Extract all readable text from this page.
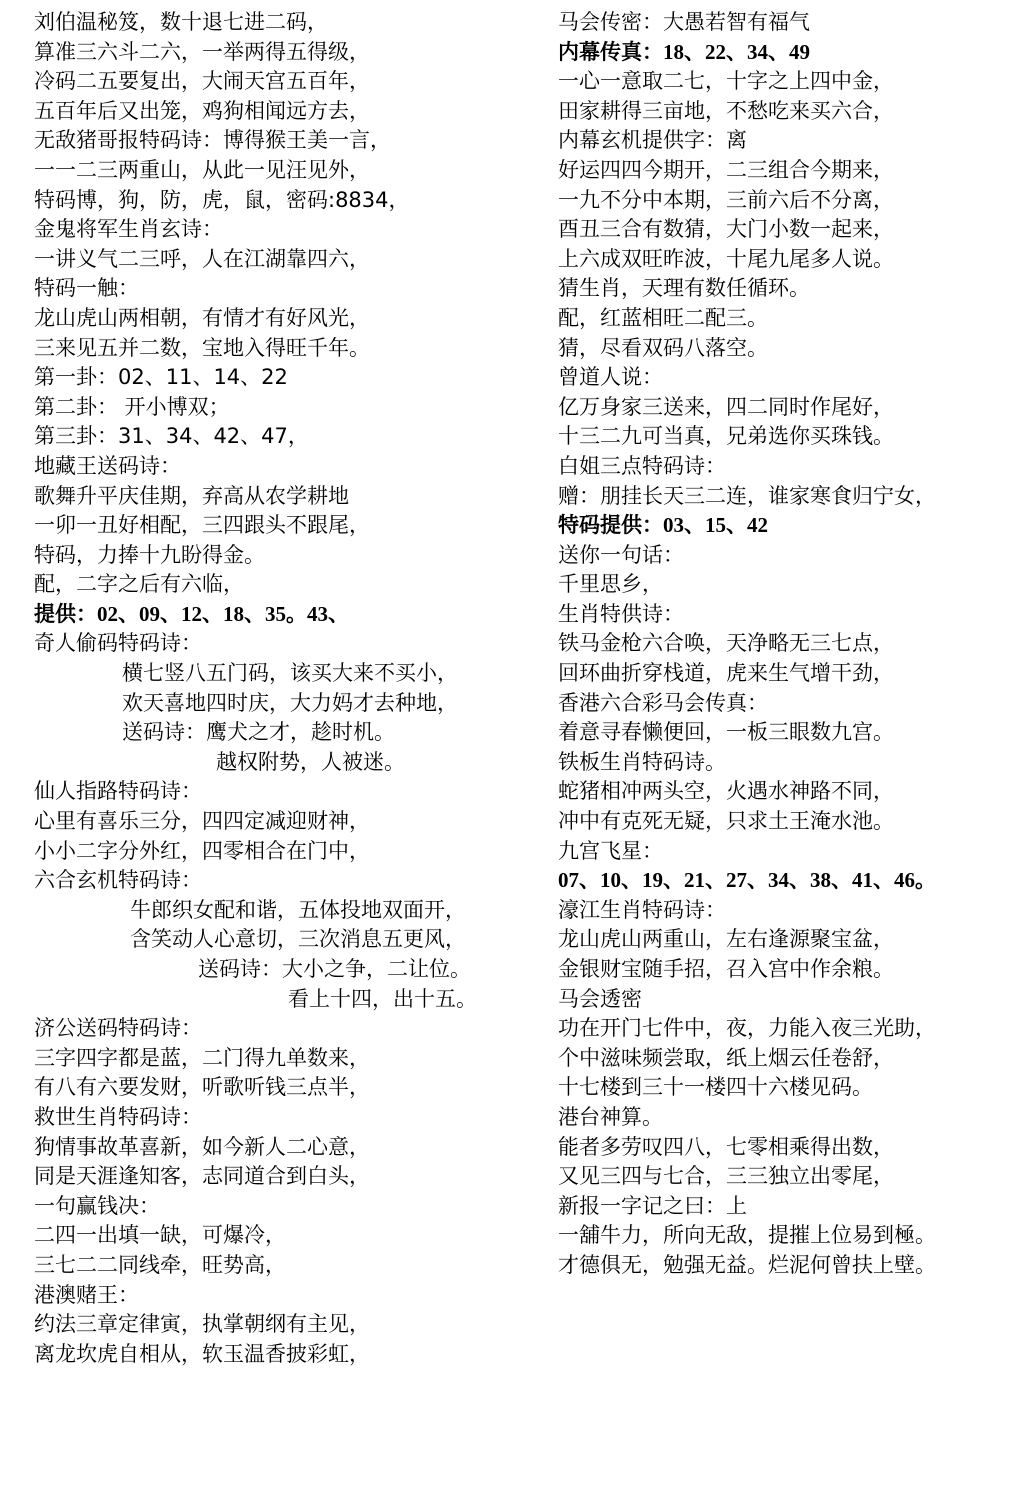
刘伯温秘笈，数十退七进二码，
算准三六斗二六，一举两得五得级，
冷码二五要复出，大闹天宫五百年，
五百年后又出笼，鸡狗相闻远方去，
无敌猪哥报特码诗：博得猴王美一言，
一一二三两重山，从此一见汪见外，
特码博，狗，防，虎，鼠，密码:8834，
金鬼将军生肖玄诗：
一讲义气二三呼，人在江湖靠四六，
特码一触：
龙山虎山两相朝，有情才有好风光，
三来见五并二数，宝地入得旺千年。
第一卦：02、11、14、22
第二卦： 开小博双；
第三卦：31、34、42、47，
地藏王送码诗：
歌舞升平庆佳期，弃高从农学耕地
一卯一丑好相配，三四跟头不跟尾，
特码，力捧十九盼得金。
配，二字之后有六临，
提供：02、09、12、18、35。43、
奇人偷码特码诗：
横七竖八五门码，该买大来不买小，
欢天喜地四时庆，大力妈才去种地，
送码诗：鹰犬之才，趁时机。
越权附势，人被迷。
仙人指路特码诗：
心里有喜乐三分，四四定减迎财神，
小小二字分外红，四零相合在门中，
六合玄机特码诗：
牛郎织女配和谐，五体投地双面开，
含笑动人心意切，三次消息五更风，
送码诗：大小之争，二让位。
看上十四，出十五。
济公送码特码诗：
三字四字都是蓝，二门得九单数来，
有八有六要发财，听歌听钱三点半，
救世生肖特码诗：
狗情事故革喜新，如今新人二心意，
同是天涯逢知客，志同道合到白头，
一句赢钱决：
二四一出填一缺，可爆冷，
三七二二同线牵，旺势高，
港澳赌王：
约法三章定律寅，执掌朝纲有主见，
离龙坎虎自相从，软玉温香披彩虹，
马会传密：大愚若智有福气
内幕传真：18、22、34、49
一心一意取二七，十字之上四中金，
田家耕得三亩地，不愁吃来买六合，
内幕玄机提供字：离
好运四四今期开，二三组合今期来，
一九不分中本期，三前六后不分离，
酉丑三合有数猜，大门小数一起来，
上六成双旺昨波，十尾九尾多人说。
猜生肖，天理有数任循环。
配，红蓝相旺二配三。
猜，尽看双码八落空。
曾道人说：
亿万身家三送来，四二同时作尾好，
十三二九可当真，兄弟选你买珠钱。
白姐三点特码诗：
赠：朋挂长天三二连，谁家寒食归宁女，
特码提供：03、15、42
送你一句话：
千里思乡，
生肖特供诗：
铁马金枪六合唤，天净略无三七点，
回环曲折穿栈道，虎来生气增干劲，
香港六合彩马会传真：
着意寻春懒便回，一板三眼数九宫。
铁板生肖特码诗。
蛇猪相冲两头空，火遇水神路不同，
冲中有克死无疑，只求土王淹水池。
九宫飞星：
07、10、19、21、27、34、38、41、46。
濠江生肖特码诗：
龙山虎山两重山，左右逢源聚宝盆，
金银财宝随手招，召入宫中作余粮。
马会透密
功在开门七件中，夜，力能入夜三光助，
个中滋味频尝取，纸上烟云任卷舒，
十七楼到三十一楼四十六楼见码。
港台神算。
能者多劳叹四八，七零相乘得出数，
又见三四与七合，三三独立出零尾，
新报一字记之曰：上
一舖牛力，所向无敌，提摧上位易到極。
才德俱无，勉强无益。烂泥何曾扶上壁。
